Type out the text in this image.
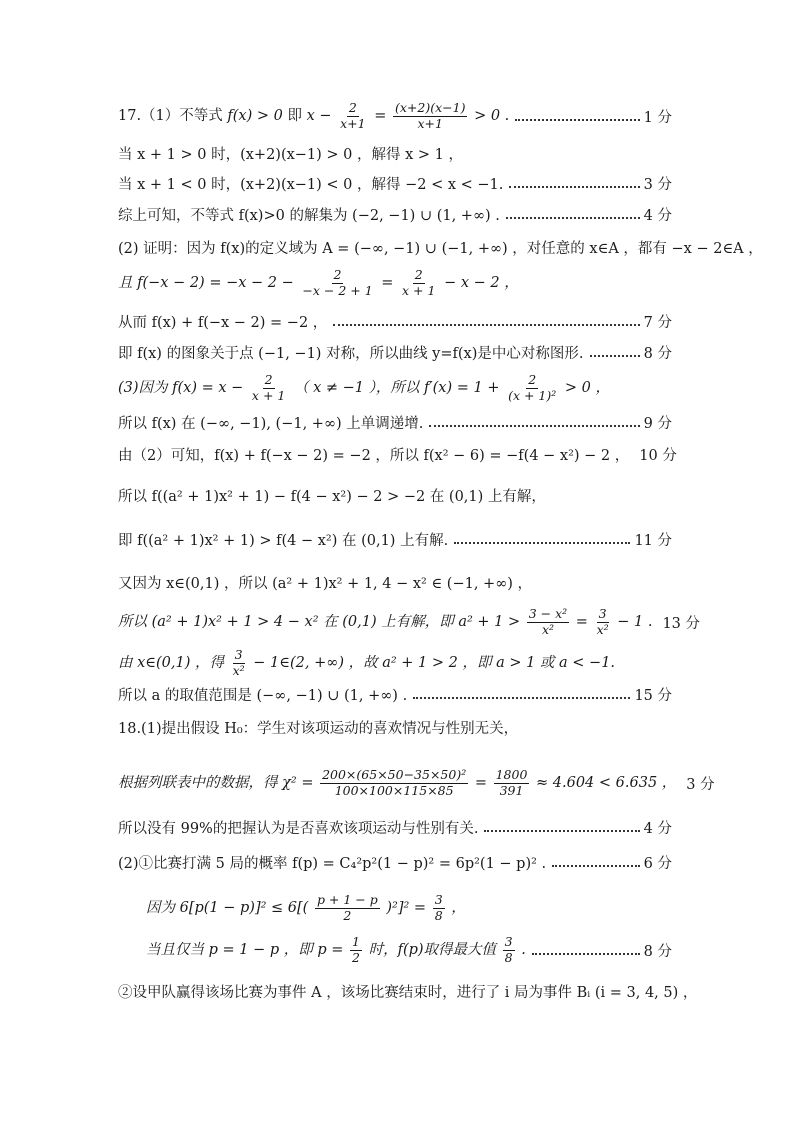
17.（1）不等式 f(x) > 0 即 $x - \frac{2}{x+1} = \frac{(x+2)(x-1)}{x+1} > 0$ .	1 分
当 x + 1 > 0 时，(x+2)(x−1) > 0 ，解得 x > 1 ，
当 x + 1 < 0 时，(x+2)(x−1) < 0 ，解得 −2 < x < −1.	3 分
综上可知，不等式 f(x)>0 的解集为 (−2, −1) ∪ (1, +∞) .	4 分
(2) 证明：因为 f(x)的定义域为 A = (−∞, −1) ∪ (−1, +∞) ，对任意的 x∈A ，都有 −x − 2∈A ，
且 $f(-x - 2) = -x - 2 - \frac{2}{-x - 2 + 1} = \frac{2}{x + 1} - x - 2$ ，
从而 f(x) + f(−x − 2) = −2 ，	7 分
即 f(x) 的图象关于点 (−1, −1) 对称，所以曲线 y=f(x)是中心对称图形.	8 分
(3)因为 $f(x) = x - \frac{2}{x + 1}$ （ x ≠ −1 ），所以 $f'(x) = 1 + \frac{2}{\text{(x + 1)²}} > 0$ ，
所以 f(x) 在 (−∞, −1), (−1, +∞) 上单调递增.	9 分
由（2）可知，f(x) + f(−x − 2) = −2 ，所以 f(x² − 6) = −f(4 − x²) − 2 ， 10 分
所以 f((a² + 1)x² + 1) − f(4 − x²) − 2 > −2 在 (0,1) 上有解，
即 f((a² + 1)x² + 1) > f(4 − x²) 在 (0,1) 上有解.	11 分
又因为 x∈(0,1) ，所以 (a² + 1)x² + 1, 4 − x² ∈ (−1, +∞) ，
所以 (a² + 1)x² + 1 > 4 − x² 在 (0,1) 上有解，即 $a^2 + 1 > \frac{\text{3 − x²}}{\text{x²}} = \frac{3}{\text{x²}} - 1$ . 13 分
由 x∈(0,1) ，得 $\frac{3}{\text{x²}}$ − 1∈(2, +∞) ，故 a² + 1 > 2 ，即 a > 1 或 a < −1.
所以 a 的取值范围是 (−∞, −1) ∪ (1, +∞) .	15 分
18.(1)提出假设 H₀：学生对该项运动的喜欢情况与性别无关，
根据列联表中的数据，得 $\chi^2 = \frac{\text{200×(65×50−35×50)²}}{100\times 100\times 115\times 85} = \frac{1800}{391} \approx 4.604 < 6.635$ ， 3 分
所以没有 99%的把握认为是否喜欢该项运动与性别有关.	4 分
(2)①比赛打满 5 局的概率 f(p) = C₄²p²(1 − p)² = 6p²(1 − p)² .	6 分
因为 $6[p(1 - p)]^2 \le 6[( \frac{p + 1 - p}{2} )^2]^2 = \frac{3}{8}$ ，
当且仅当 p = 1 − p ，即 $p = \frac{1}{2}$ 时，f(p)取得最大值 $\frac{3}{8}$ .	8 分
②设甲队赢得该场比赛为事件 A ，该场比赛结束时，进行了 i 局为事件 Bᵢ (i = 3, 4, 5) ，
